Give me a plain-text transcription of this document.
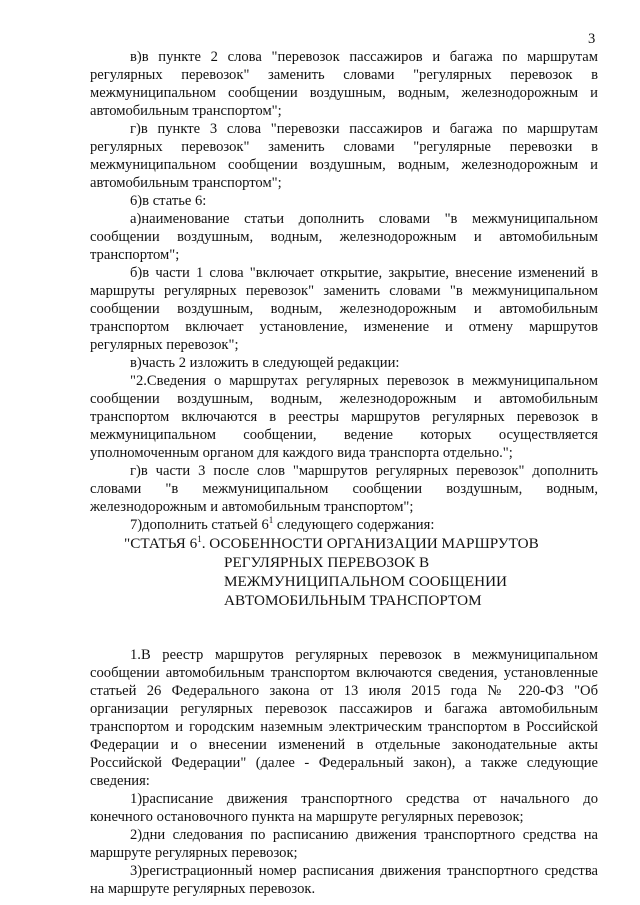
3

в)в пункте 2 слова "перевозок пассажиров и багажа по маршрутам регулярных перевозок" заменить словами "регулярных перевозок в межмуниципальном сообщении воздушным, водным, железнодорожным и автомобильным транспортом";

г)в пункте 3 слова "перевозки пассажиров и багажа по маршрутам регулярных перевозок" заменить словами "регулярные перевозки в межмуниципальном сообщении воздушным, водным, железнодорожным и автомобильным транспортом";

6)в статье 6:

а)наименование статьи дополнить словами "в межмуниципальном сообщении воздушным, водным, железнодорожным и автомобильным транспортом";

б)в части 1 слова "включает открытие, закрытие, внесение изменений в маршруты регулярных перевозок" заменить словами "в межмуниципальном сообщении воздушным, водным, железнодорожным и автомобильным транспортом включает установление, изменение и отмену маршрутов регулярных перевозок";

в)часть 2 изложить в следующей редакции:

"2.Сведения о маршрутах регулярных перевозок в межмуниципальном сообщении воздушным, водным, железнодорожным и автомобильным транспортом включаются в реестры маршрутов регулярных перевозок в межмуниципальном сообщении, ведение которых осуществляется уполномоченным органом для каждого вида транспорта отдельно.";

г)в части 3 после слов "маршрутов регулярных перевозок" дополнить словами "в межмуниципальном сообщении воздушным, водным, железнодорожным и автомобильным транспортом";

7)дополнить статьей $6^1$ следующего содержания:

"СТАТЬЯ $6^1$. ОСОБЕННОСТИ ОРГАНИЗАЦИИ МАРШРУТОВ
РЕГУЛЯРНЫХ ПЕРЕВОЗОК В
МЕЖМУНИЦИПАЛЬНОМ СООБЩЕНИИ
АВТОМОБИЛЬНЫМ ТРАНСПОРТОМ

1.В реестр маршрутов регулярных перевозок в межмуниципальном сообщении автомобильным транспортом включаются сведения, установленные статьей 26 Федерального закона от 13 июля 2015 года № 220-ФЗ "Об организации регулярных перевозок пассажиров и багажа автомобильным транспортом и городским наземным электрическим транспортом в Российской Федерации и о внесении изменений в отдельные законодательные акты Российской Федерации" (далее - Федеральный закон), а также следующие сведения:

1)расписание движения транспортного средства от начального до конечного остановочного пункта на маршруте регулярных перевозок;

2)дни следования по расписанию движения транспортного средства на маршруте регулярных перевозок;

3)регистрационный номер расписания движения транспортного средства на маршруте регулярных перевозок.
